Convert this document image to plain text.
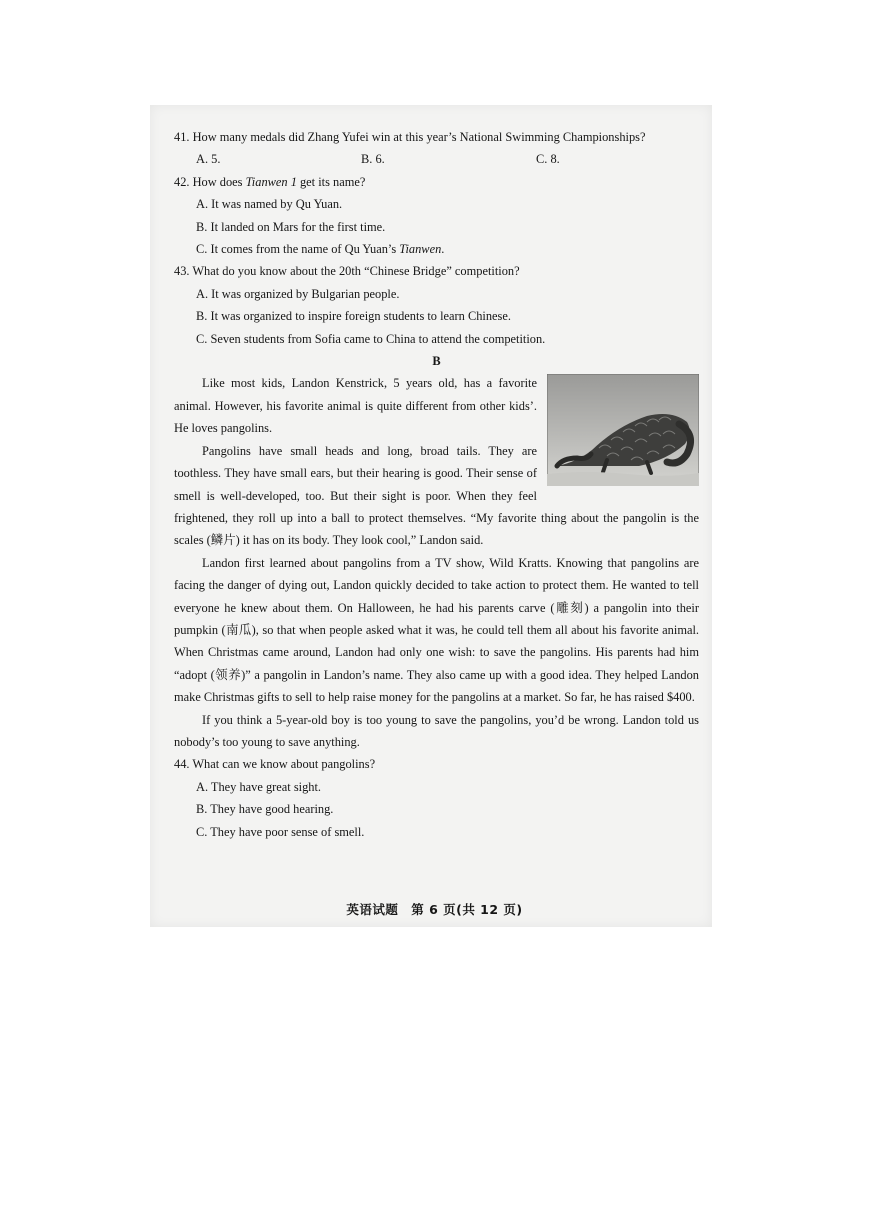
41. How many medals did Zhang Yufei win at this year’s National Swimming Championships?

A. 5.	B. 6.	C. 8.

42. How does Tianwen 1 get its name?

A. It was named by Qu Yuan.

B. It landed on Mars for the first time.

C. It comes from the name of Qu Yuan’s Tianwen.

43. What do you know about the 20th “Chinese Bridge” competition?

A. It was organized by Bulgarian people.

B. It was organized to inspire foreign students to learn Chinese.

C. Seven students from Sofia came to China to attend the competition.

B

Like most kids, Landon Kenstrick, 5 years old, has a favorite animal. However, his favorite animal is quite different from other kids’. He loves pangolins.

Pangolins have small heads and long, broad tails. They are toothless. They have small ears, but their hearing is good. Their sense of smell is well-developed, too. But their sight is poor. When they feel frightened, they roll up into a ball to protect themselves. “My favorite thing about the pangolin is the scales (鳞片) it has on its body. They look cool,” Landon said.

Landon first learned about pangolins from a TV show, Wild Kratts. Knowing that pangolins are facing the danger of dying out, Landon quickly decided to take action to protect them. He wanted to tell everyone he knew about them. On Halloween, he had his parents carve (雕刻) a pangolin into their pumpkin (南瓜), so that when people asked what it was, he could tell them all about his favorite animal. When Christmas came around, Landon had only one wish: to save the pangolins. His parents had him “adopt (领养)” a pangolin in Landon’s name. They also came up with a good idea. They helped Landon make Christmas gifts to sell to help raise money for the pangolins at a market. So far, he has raised $400.

If you think a 5-year-old boy is too young to save the pangolins, you’d be wrong. Landon told us nobody’s too young to save anything.

44. What can we know about pangolins?

A. They have great sight.

B. They have good hearing.

C. They have poor sense of smell.

英语试题 第 6 页(共 12 页)
